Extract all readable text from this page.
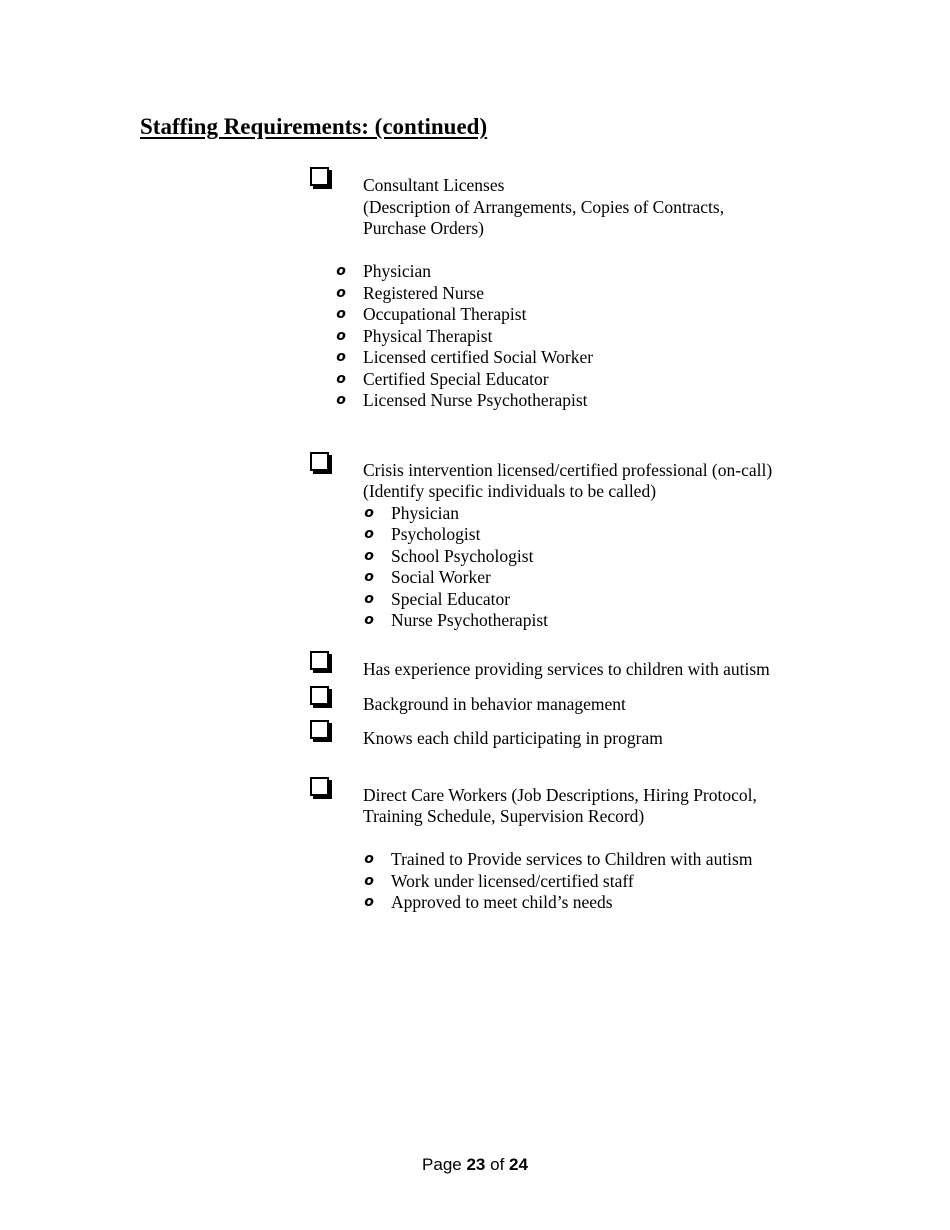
Staffing Requirements: (continued)
Consultant Licenses
(Description of Arrangements, Copies of Contracts,
Purchase Orders)
o Physician
o Registered Nurse
o Occupational Therapist
o Physical Therapist
o Licensed certified Social Worker
o Certified Special Educator
o Licensed Nurse Psychotherapist
Crisis intervention licensed/certified professional (on-call)
(Identify specific individuals to be called)
o Physician
o Psychologist
o School Psychologist
o Social Worker
o Special Educator
o Nurse Psychotherapist
Has experience providing services to children with autism
Background in behavior management
Knows each child participating in program
Direct Care Workers (Job Descriptions, Hiring Protocol,
Training Schedule, Supervision Record)
o Trained to Provide services to Children with autism
o Work under licensed/certified staff
o Approved to meet child’s needs
Page 23 of 24
